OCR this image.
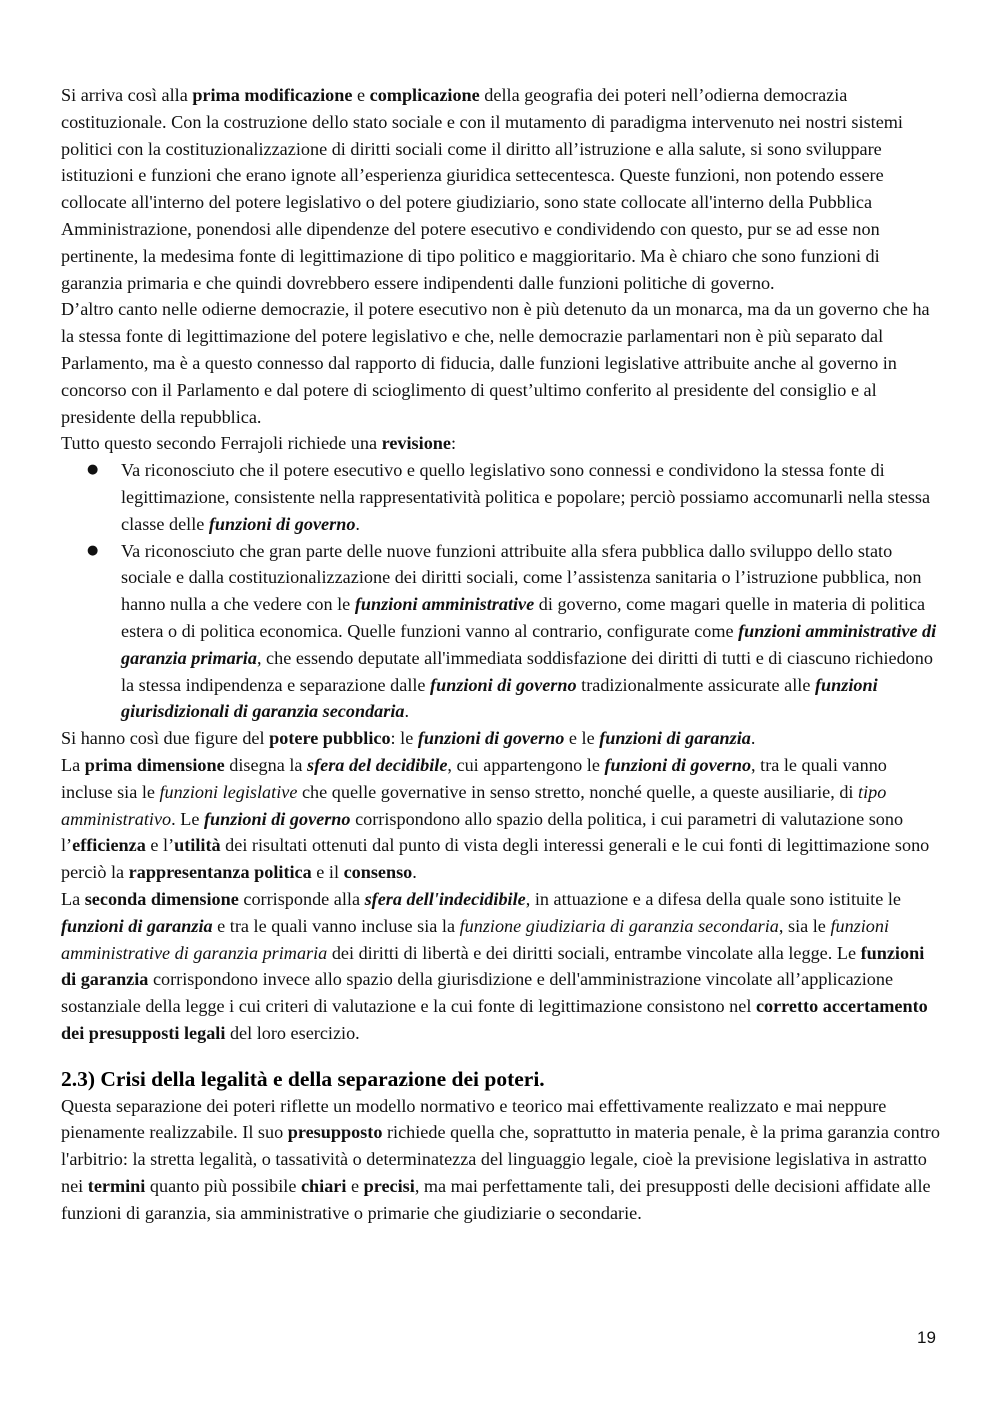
Si arriva così alla prima modificazione e complicazione della geografia dei poteri nell’odierna democrazia costituzionale. Con la costruzione dello stato sociale e con il mutamento di paradigma intervenuto nei nostri sistemi politici con la costituzionalizzazione di diritti sociali come il diritto all’istruzione e alla salute, si sono sviluppare istituzioni e funzioni che erano ignote all’esperienza giuridica settecentesca. Queste funzioni, non potendo essere collocate all'interno del potere legislativo o del potere giudiziario, sono state collocate all'interno della Pubblica Amministrazione, ponendosi alle dipendenze del potere esecutivo e condividendo con questo, pur se ad esse non pertinente, la medesima fonte di legittimazione di tipo politico e maggioritario. Ma è chiaro che sono funzioni di garanzia primaria e che quindi dovrebbero essere indipendenti dalle funzioni politiche di governo.

D’altro canto nelle odierne democrazie, il potere esecutivo non è più detenuto da un monarca, ma da un governo che ha la stessa fonte di legittimazione del potere legislativo e che, nelle democrazie parlamentari non è più separato dal Parlamento, ma è a questo connesso dal rapporto di fiducia, dalle funzioni legislative attribuite anche al governo in concorso con il Parlamento e dal potere di scioglimento di quest’ultimo conferito al presidente del consiglio e al presidente della repubblica.

Tutto questo secondo Ferrajoli richiede una revisione:

● Va riconosciuto che il potere esecutivo e quello legislativo sono connessi e condividono la stessa fonte di legittimazione, consistente nella rappresentatività politica e popolare; perciò possiamo accomunarli nella stessa classe delle funzioni di governo.
● Va riconosciuto che gran parte delle nuove funzioni attribuite alla sfera pubblica dallo sviluppo dello stato sociale e dalla costituzionalizzazione dei diritti sociali, come l’assistenza sanitaria o l’istruzione pubblica, non hanno nulla a che vedere con le funzioni amministrative di governo, come magari quelle in materia di politica estera o di politica economica. Quelle funzioni vanno al contrario, configurate come funzioni amministrative di garanzia primaria, che essendo deputate all'immediata soddisfazione dei diritti di tutti e di ciascuno richiedono la stessa indipendenza e separazione dalle funzioni di governo tradizionalmente assicurate alle funzioni giurisdizionali di garanzia secondaria.

Si hanno così due figure del potere pubblico: le funzioni di governo e le funzioni di garanzia.

La prima dimensione disegna la sfera del decidibile, cui appartengono le funzioni di governo, tra le quali vanno incluse sia le funzioni legislative che quelle governative in senso stretto, nonché quelle, a queste ausiliarie, di tipo amministrativo. Le funzioni di governo corrispondono allo spazio della politica, i cui parametri di valutazione sono l’efficienza e l’utilità dei risultati ottenuti dal punto di vista degli interessi generali e le cui fonti di legittimazione sono perciò la rappresentanza politica e il consenso.

La seconda dimensione corrisponde alla sfera dell'indecidibile, in attuazione e a difesa della quale sono istituite le funzioni di garanzia e tra le quali vanno incluse sia la funzione giudiziaria di garanzia secondaria, sia le funzioni amministrative di garanzia primaria dei diritti di libertà e dei diritti sociali, entrambe vincolate alla legge. Le funzioni di garanzia corrispondono invece allo spazio della giurisdizione e dell'amministrazione vincolate all’applicazione sostanziale della legge i cui criteri di valutazione e la cui fonte di legittimazione consistono nel corretto accertamento dei presupposti legali del loro esercizio.

2.3) Crisi della legalità e della separazione dei poteri.

Questa separazione dei poteri riflette un modello normativo e teorico mai effettivamente realizzato e mai neppure pienamente realizzabile. Il suo presupposto richiede quella che, soprattutto in materia penale, è la prima garanzia contro l'arbitrio: la stretta legalità, o tassatività o determinatezza del linguaggio legale, cioè la previsione legislativa in astratto nei termini quanto più possibile chiari e precisi, ma mai perfettamente tali, dei presupposti delle decisioni affidate alle funzioni di garanzia, sia amministrative o primarie che giudiziarie o secondarie.

19
